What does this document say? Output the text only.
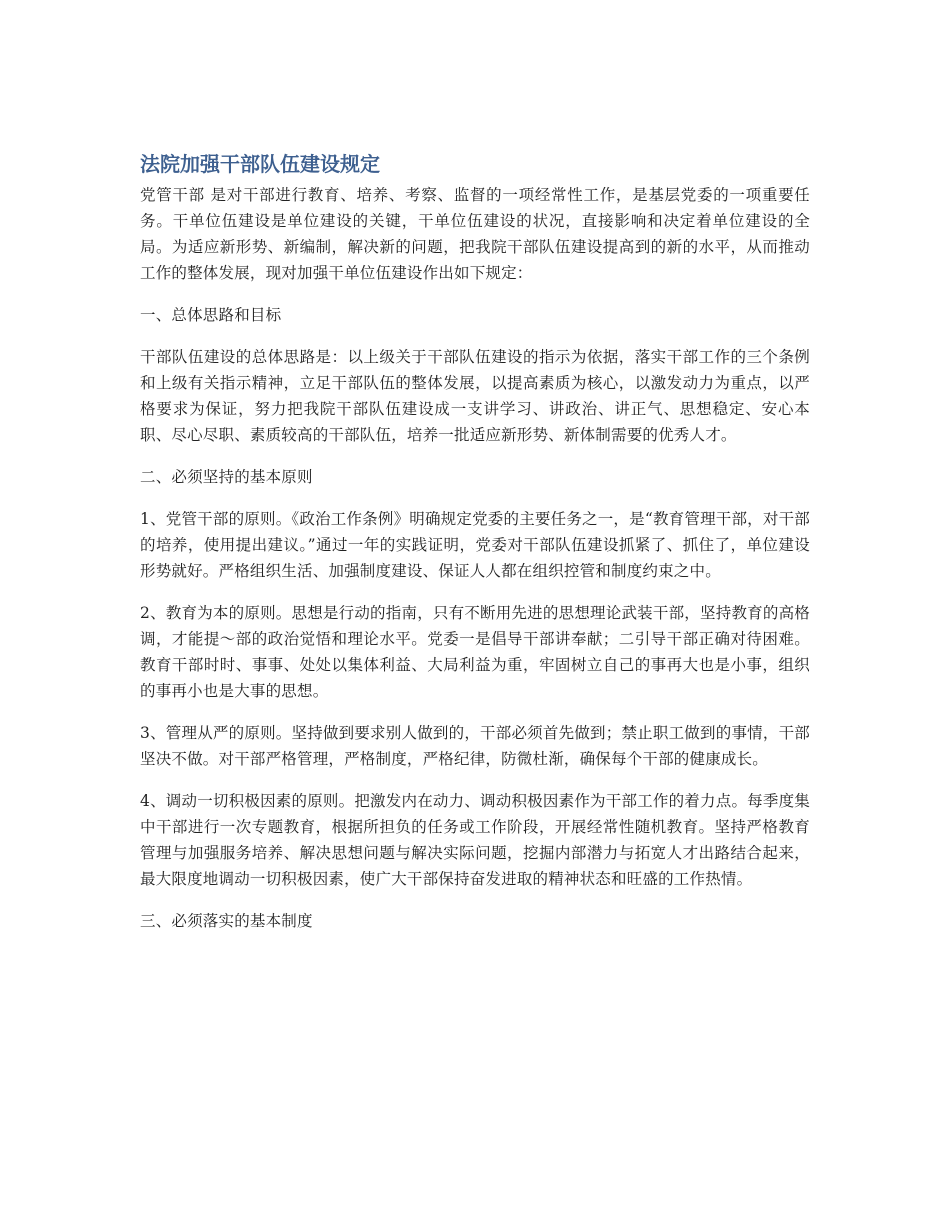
法院加强干部队伍建设规定

党管干部 是对干部进行教育、培养、考察、监督的一项经常性工作，是基层党委的一项重要任务。干单位伍建设是单位建设的关键，干单位伍建设的状况，直接影响和决定着单位建设的全局。为适应新形势、新编制，解决新的问题，把我院干部队伍建设提高到的新的水平，从而推动工作的整体发展，现对加强干单位伍建设作出如下规定：

一、总体思路和目标

干部队伍建设的总体思路是：以上级关于干部队伍建设的指示为依据，落实干部工作的三个条例和上级有关指示精神，立足干部队伍的整体发展，以提高素质为核心，以激发动力为重点，以严格要求为保证，努力把我院干部队伍建设成一支讲学习、讲政治、讲正气、思想稳定、安心本职、尽心尽职、素质较高的干部队伍，培养一批适应新形势、新体制需要的优秀人才。

二、必须坚持的基本原则

1、党管干部的原则。《政治工作条例》明确规定党委的主要任务之一，是“教育管理干部，对干部的培养，使用提出建议。”通过一年的实践证明，党委对干部队伍建设抓紧了、抓住了，单位建设形势就好。严格组织生活、加强制度建设、保证人人都在组织控管和制度约束之中。

2、教育为本的原则。思想是行动的指南，只有不断用先进的思想理论武装干部，坚持教育的高格调，才能提～部的政治觉悟和理论水平。党委一是倡导干部讲奉献；二引导干部正确对待困难。教育干部时时、事事、处处以集体利益、大局利益为重，牢固树立自己的事再大也是小事，组织的事再小也是大事的思想。

3、管理从严的原则。坚持做到要求别人做到的，干部必须首先做到；禁止职工做到的事情，干部坚决不做。对干部严格管理，严格制度，严格纪律，防微杜渐，确保每个干部的健康成长。

4、调动一切积极因素的原则。把激发内在动力、调动积极因素作为干部工作的着力点。每季度集中干部进行一次专题教育，根据所担负的任务或工作阶段，开展经常性随机教育。坚持严格教育管理与加强服务培养、解决思想问题与解决实际问题，挖掘内部潜力与拓宽人才出路结合起来，最大限度地调动一切积极因素，使广大干部保持奋发进取的精神状态和旺盛的工作热情。

三、必须落实的基本制度
